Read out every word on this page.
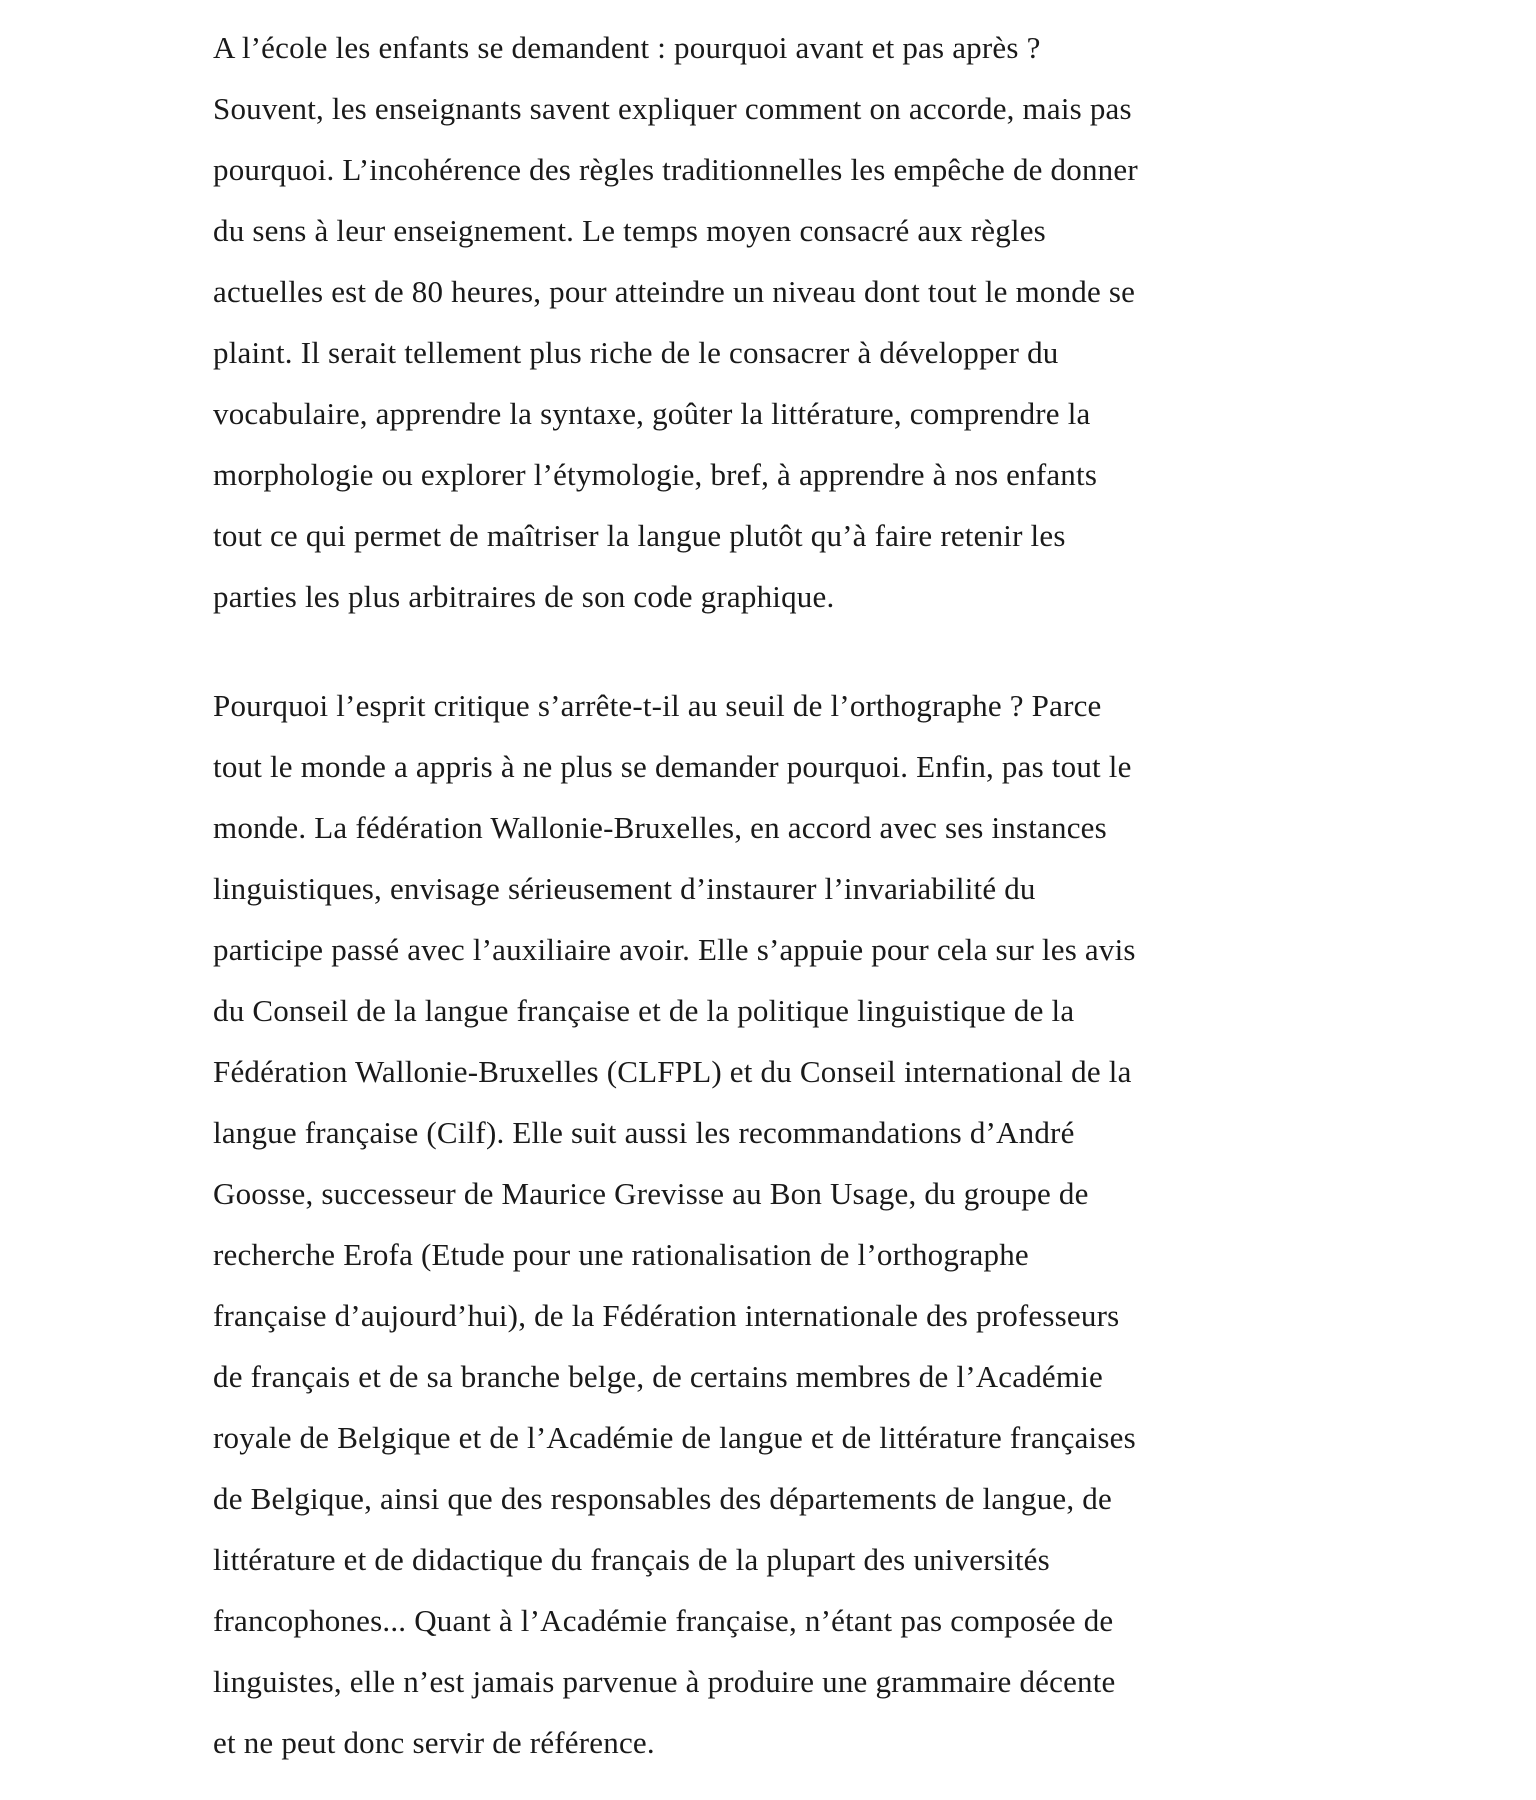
A l’école les enfants se demandent : pourquoi avant et pas après ?
Souvent, les enseignants savent expliquer comment on accorde, mais pas
pourquoi. L’incohérence des règles traditionnelles les empêche de donner
du sens à leur enseignement. Le temps moyen consacré aux règles
actuelles est de 80 heures, pour atteindre un niveau dont tout le monde se
plaint. Il serait tellement plus riche de le consacrer à développer du
vocabulaire, apprendre la syntaxe, goûter la littérature, comprendre la
morphologie ou explorer l’étymologie, bref, à apprendre à nos enfants
tout ce qui permet de maîtriser la langue plutôt qu’à faire retenir les
parties les plus arbitraires de son code graphique.
Pourquoi l’esprit critique s’arrête-t-il au seuil de l’orthographe ? Parce
tout le monde a appris à ne plus se demander pourquoi. Enfin, pas tout le
monde. La fédération Wallonie-Bruxelles, en accord avec ses instances
linguistiques, envisage sérieusement d’instaurer l’invariabilité du
participe passé avec l’auxiliaire avoir. Elle s’appuie pour cela sur les avis
du Conseil de la langue française et de la politique linguistique de la
Fédération Wallonie-Bruxelles (CLFPL) et du Conseil international de la
langue française (Cilf). Elle suit aussi les recommandations d’André
Goosse, successeur de Maurice Grevisse au Bon Usage, du groupe de
recherche Erofa (Etude pour une rationalisation de l’orthographe
française d’aujourd’hui), de la Fédération internationale des professeurs
de français et de sa branche belge, de certains membres de l’Académie
royale de Belgique et de l’Académie de langue et de littérature françaises
de Belgique, ainsi que des responsables des départements de langue, de
littérature et de didactique du français de la plupart des universités
francophones... Quant à l’Académie française, n’étant pas composée de
linguistes, elle n’est jamais parvenue à produire une grammaire décente
et ne peut donc servir de référence.
